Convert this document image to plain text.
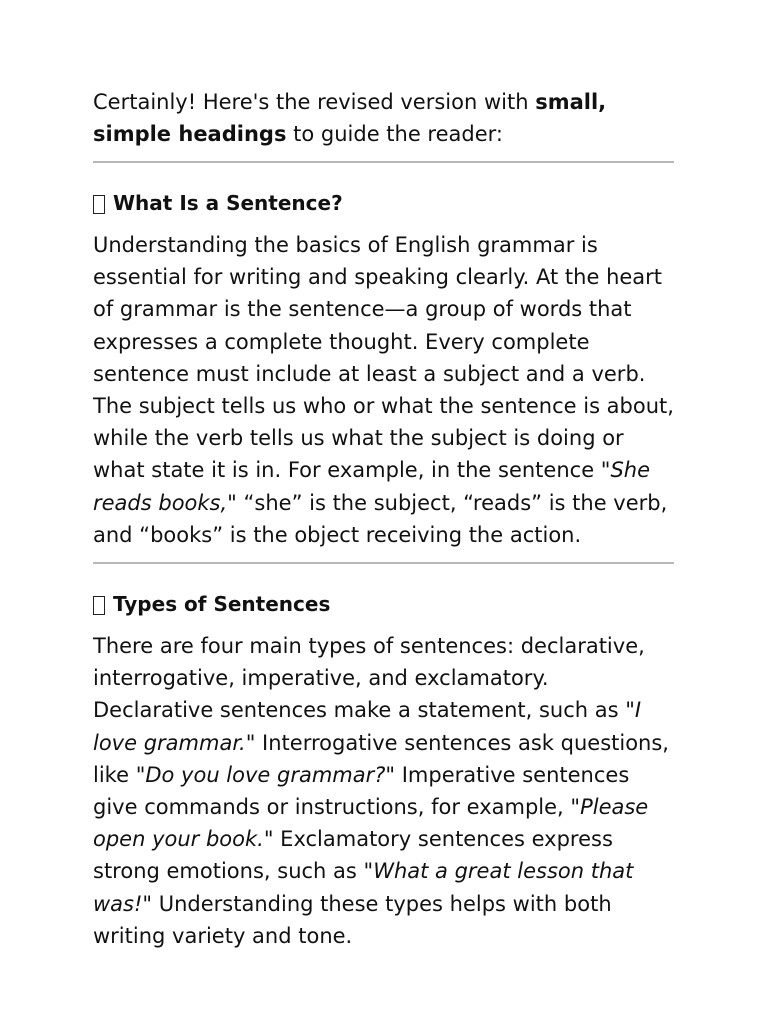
Certainly! Here's the revised version with small, simple headings to guide the reader:

What Is a Sentence?

Understanding the basics of English grammar is essential for writing and speaking clearly. At the heart of grammar is the sentence—a group of words that expresses a complete thought. Every complete sentence must include at least a subject and a verb. The subject tells us who or what the sentence is about, while the verb tells us what the subject is doing or what state it is in. For example, in the sentence "She reads books," “she” is the subject, “reads” is the verb, and “books” is the object receiving the action.

Types of Sentences

There are four main types of sentences: declarative, interrogative, imperative, and exclamatory. Declarative sentences make a statement, such as "I love grammar." Interrogative sentences ask questions, like "Do you love grammar?" Imperative sentences give commands or instructions, for example, "Please open your book." Exclamatory sentences express strong emotions, such as "What a great lesson that was!" Understanding these types helps with both writing variety and tone.
